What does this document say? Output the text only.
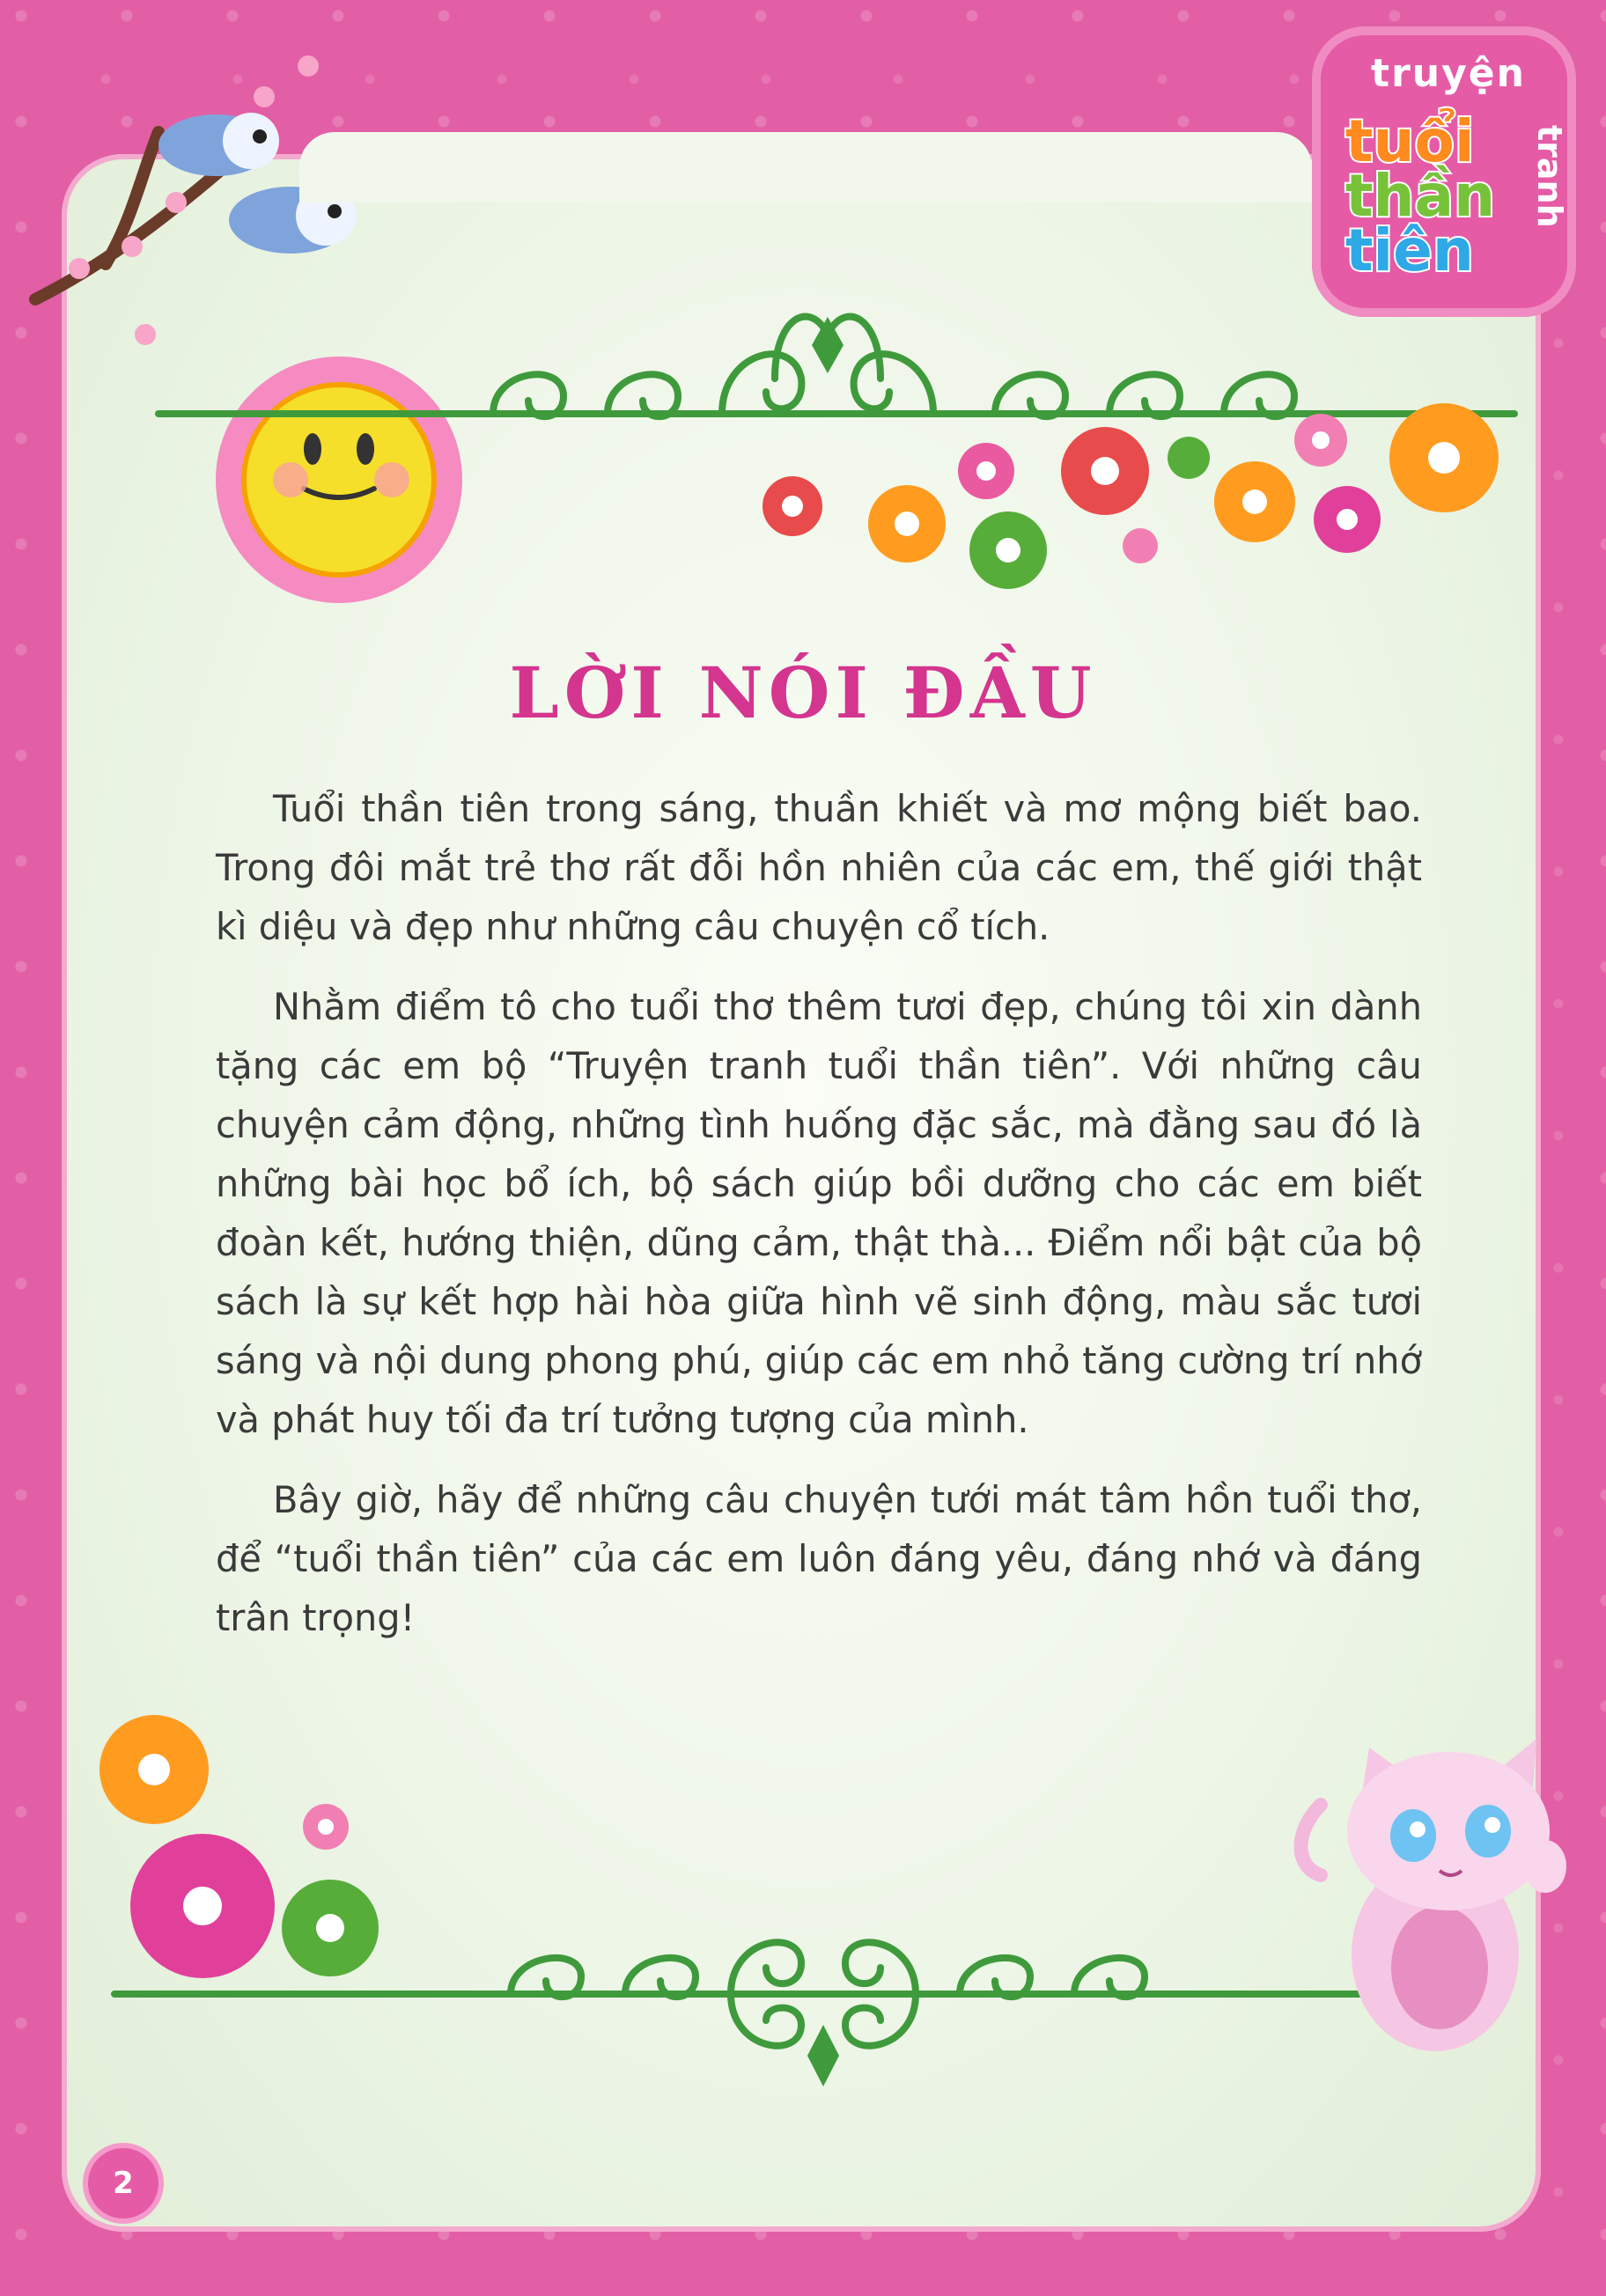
truyện
tuổi
thần
tiên
tranh
LỜI NÓI ĐẦU

Tuổi thần tiên trong sáng, thuần khiết và mơ mộng biết bao. Trong đôi mắt trẻ thơ rất đỗi hồn nhiên của các em, thế giới thật kì diệu và đẹp như những câu chuyện cổ tích.

Nhằm điểm tô cho tuổi thơ thêm tươi đẹp, chúng tôi xin dành tặng các em bộ “Truyện tranh tuổi thần tiên”. Với những câu chuyện cảm động, những tình huống đặc sắc, mà đằng sau đó là những bài học bổ ích, bộ sách giúp bồi dưỡng cho các em biết đoàn kết, hướng thiện, dũng cảm, thật thà... Điểm nổi bật của bộ sách là sự kết hợp hài hòa giữa hình vẽ sinh động, màu sắc tươi sáng và nội dung phong phú, giúp các em nhỏ tăng cường trí nhớ và phát huy tối đa trí tưởng tượng của mình.

Bây giờ, hãy để những câu chuyện tưới mát tâm hồn tuổi thơ, để “tuổi thần tiên” của các em luôn đáng yêu, đáng nhớ và đáng trân trọng!

2
